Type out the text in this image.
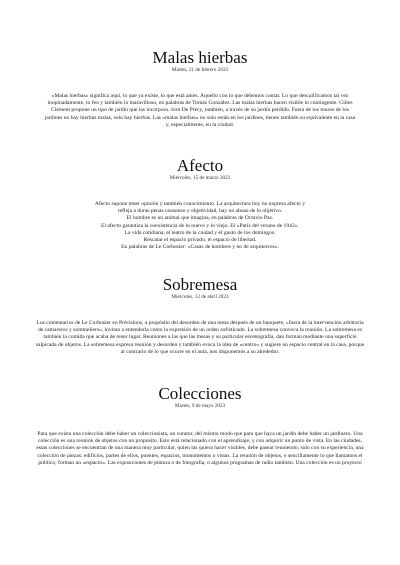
Malas hierbas

Martes, 21 de febrero 2023

«Malas hierbas» significa aquí, lo que ya existe, lo que está antes. Aquello con lo que debemos contar. Lo que descalificamos tal vez inopinadamente, lo feo y también lo maravilloso, en palabras de Tomás González. Las malas hierbas hacen visible lo contingente. Gilles Clément propone un tipo de jardín que las incorpora. Jorn De Précy, también, a través de su jardín perdido. Fuera de los muros de los jardines no hay hierbas malas, solo hay hierbas. Las «malas hierbas» no solo están en los jardines, tienen también su equivalente en la casa y, especialmente, en la ciudad.

Afecto

Miércoles, 15 de marzo 2023

Afecto supone tener opinión y también conocimiento. La arquitectura hoy no expresa afecto y
refleja a duras penas consenso y objetividad, hay un abuso de lo objetivo.
El hombre es un animal que imagina, en palabras de Octavio Paz.
El afecto garantiza la coexistencia de lo nuevo y lo viejo. El «París del verano de 1942».
La vida cotidiana, el teatro de la ciudad y el gusto de los domingos.
Rescatar el espacio privado, el espacio de libertad.
En palabras de Le Corbusier: «Casas de hombres y no de arquitectos».
Sobremesa

Miércoles, 12 de abril 2023

Los comentarios de Le Corbusier en Précisions, a propósito del desorden de una mesa después de un banquete, «fuera de la intervención arbitraria de camareros y sommeliers», invitan a entenderla como la expresión de un orden sofisticado. La sobremesa convoca la reunión. La sobremesa es también la comida que acaba de tener lugar. Reuniones a las que las mesas y su particular escenografía, dan forman mediante una superficie salpicada de objetos. La sobremesa expresa reunión y desorden y también evoca la idea de «centro» y sugiere un espacio central en la casa, porque al contrario de lo que ocurre en el aula, nos disponemos a su alrededor.

Colecciones

Martes, 9 de mayo 2023

Para que exista una colección debe haber un coleccionista, un curator, del mismo modo que para que haya un jardín debe haber un jardinero. Una colección es una reunión de objetos con un propósito. Esto está relacionado con el aprendizaje, y con adquirir un punto de vista. En las ciudades, estas colecciones se encuentran de una manera muy particular, quien las quiera hacer visibles, debe pasear reuniendo, solo con su experiencia, una colección de piezas: edificios, partes de ellos, puentes, espacios, monumentos o vistas. La reunión de objetos, o sencillamente lo que llamamos el público, forman un «espacio». Las exposiciones de pintura o de fotografía, o algunos programas de radio también. Una colección es un proyecto
